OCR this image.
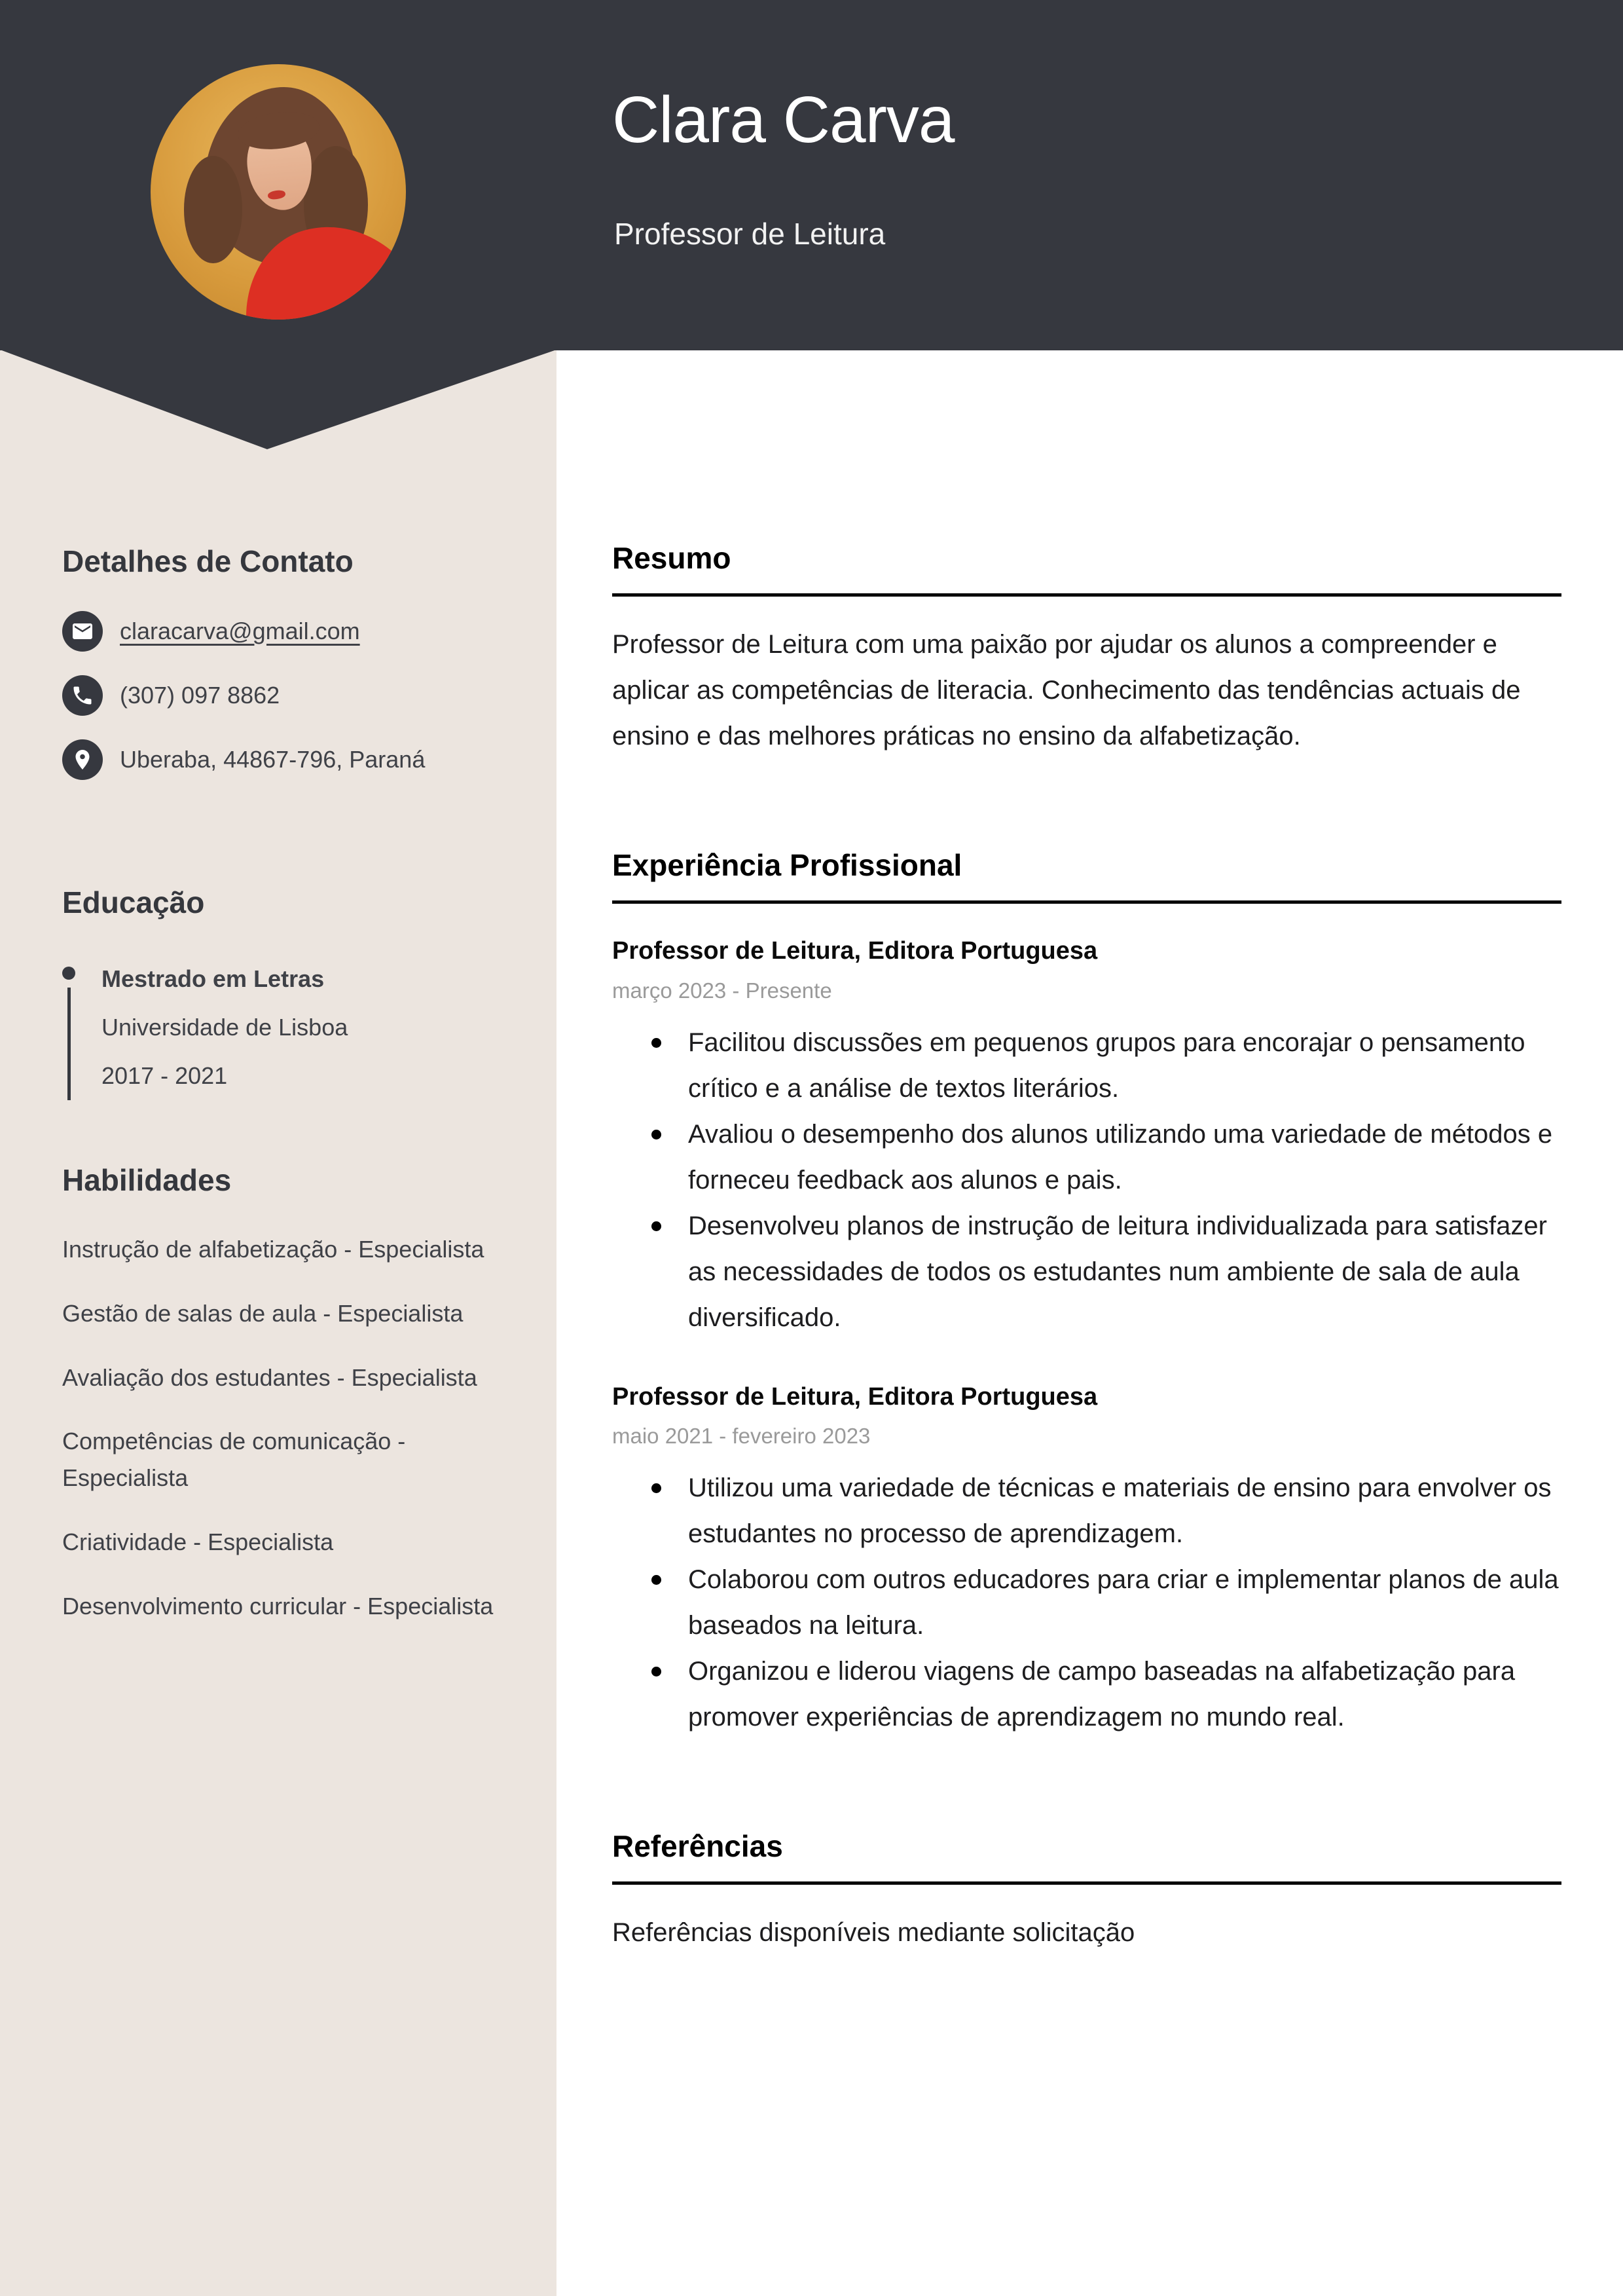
Clara Carva
Professor de Leitura
Detalhes de Contato
claracarva@gmail.com
(307) 097 8862
Uberaba, 44867-796, Paraná
Educação
Mestrado em Letras
Universidade de Lisboa
2017 - 2021
Habilidades
Instrução de alfabetização - Especialista
Gestão de salas de aula - Especialista
Avaliação dos estudantes - Especialista
Competências de comunicação - Especialista
Criatividade - Especialista
Desenvolvimento curricular - Especialista
Resumo

Professor de Leitura com uma paixão por ajudar os alunos a compreender e aplicar as competências de literacia. Conhecimento das tendências actuais de ensino e das melhores práticas no ensino da alfabetização.

Experiência Profissional
Professor de Leitura, Editora Portuguesa
março 2023 - Presente
Facilitou discussões em pequenos grupos para encorajar o pensamento crítico e a análise de textos literários.
Avaliou o desempenho dos alunos utilizando uma variedade de métodos e forneceu feedback aos alunos e pais.
Desenvolveu planos de instrução de leitura individualizada para satisfazer as necessidades de todos os estudantes num ambiente de sala de aula diversificado.
Professor de Leitura, Editora Portuguesa
maio 2021 - fevereiro 2023
Utilizou uma variedade de técnicas e materiais de ensino para envolver os estudantes no processo de aprendizagem.
Colaborou com outros educadores para criar e implementar planos de aula baseados na leitura.
Organizou e liderou viagens de campo baseadas na alfabetização para promover experiências de aprendizagem no mundo real.
Referências

Referências disponíveis mediante solicitação
